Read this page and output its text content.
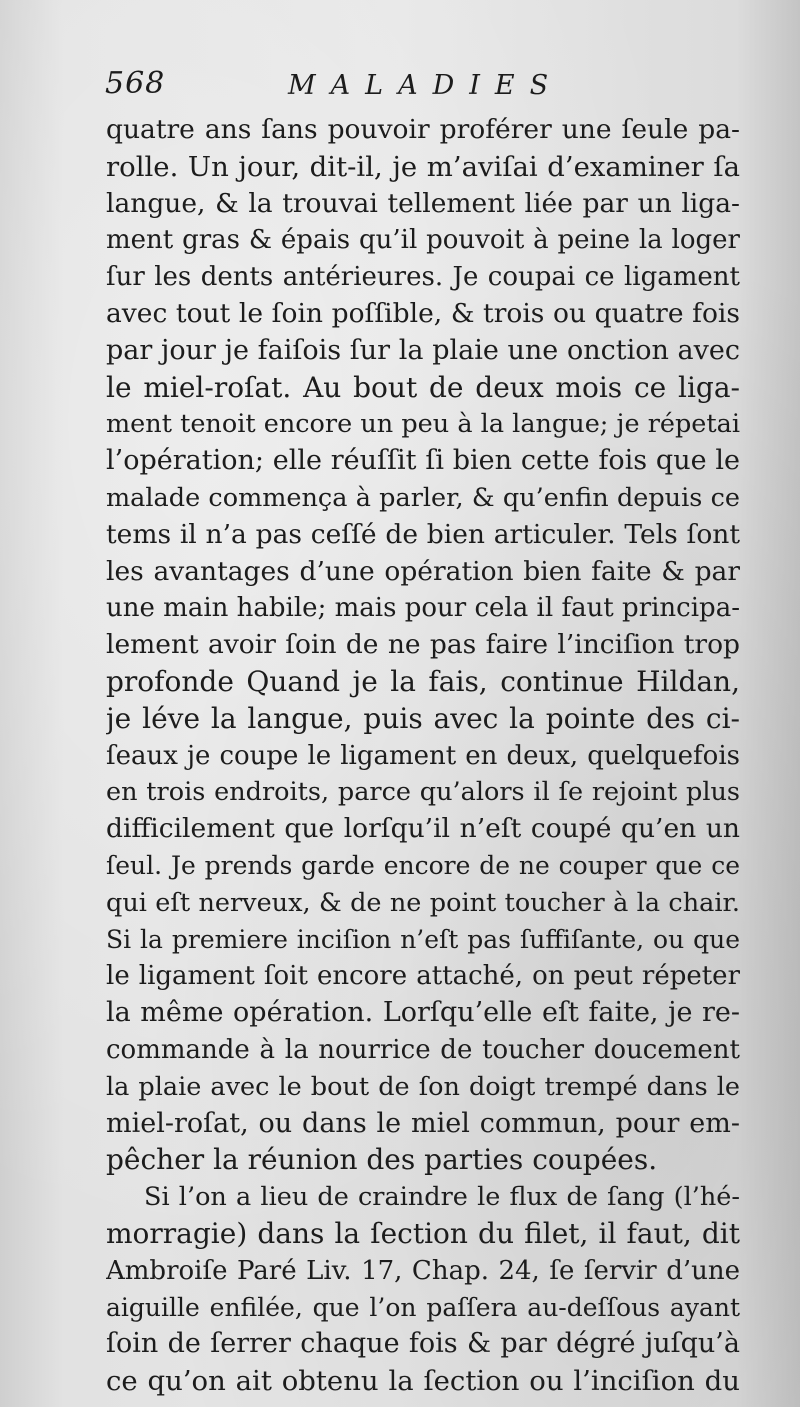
568	MALADIES

quatre ans ſans pouvoir proférer une ſeule pa-
rolle. Un jour, dit-il, je m’aviſai d’examiner ſa
langue, & la trouvai tellement liée par un liga-
ment gras & épais qu’il pouvoit à peine la loger
ſur les dents antérieures. Je coupai ce ligament
avec tout le ſoin poſſible, & trois ou quatre fois
par jour je faiſois ſur la plaie une onction avec
le miel-roſat. Au bout de deux mois ce liga-
ment tenoit encore un peu à la langue; je répetai
l’opération; elle réuſſit ſi bien cette fois que le
malade commença à parler, & qu’enfin depuis ce
tems il n’a pas ceſſé de bien articuler. Tels ſont
les avantages d’une opération bien faite & par
une main habile; mais pour cela il faut principa-
lement avoir ſoin de ne pas faire l’inciſion trop
profonde Quand je la fais, continue Hildan,
je léve la langue, puis avec la pointe des ci-
ſeaux je coupe le ligament en deux, quelquefois
en trois endroits, parce qu’alors il ſe rejoint plus
difficilement que lorſqu’il n’eſt coupé qu’en un
ſeul. Je prends garde encore de ne couper que ce
qui eſt nerveux, & de ne point toucher à la chair.
Si la premiere inciſion n’eſt pas ſuffiſante, ou que
le ligament ſoit encore attaché, on peut répeter
la même opération. Lorſqu’elle eſt faite, je re-
commande à la nourrice de toucher doucement
la plaie avec le bout de ſon doigt trempé dans le
miel-roſat, ou dans le miel commun, pour em-
pêcher la réunion des parties coupées.
Si l’on a lieu de craindre le flux de ſang (l’hé-
morragie) dans la ſection du filet, il faut, dit
Ambroiſe Paré Liv. 17, Chap. 24, ſe ſervir d’une
aiguille enfilée, que l’on paſſera au-deſſous ayant
ſoin de ſerrer chaque fois & par dégré juſqu’à
ce qu’on ait obtenu la ſection ou l’inciſion du
